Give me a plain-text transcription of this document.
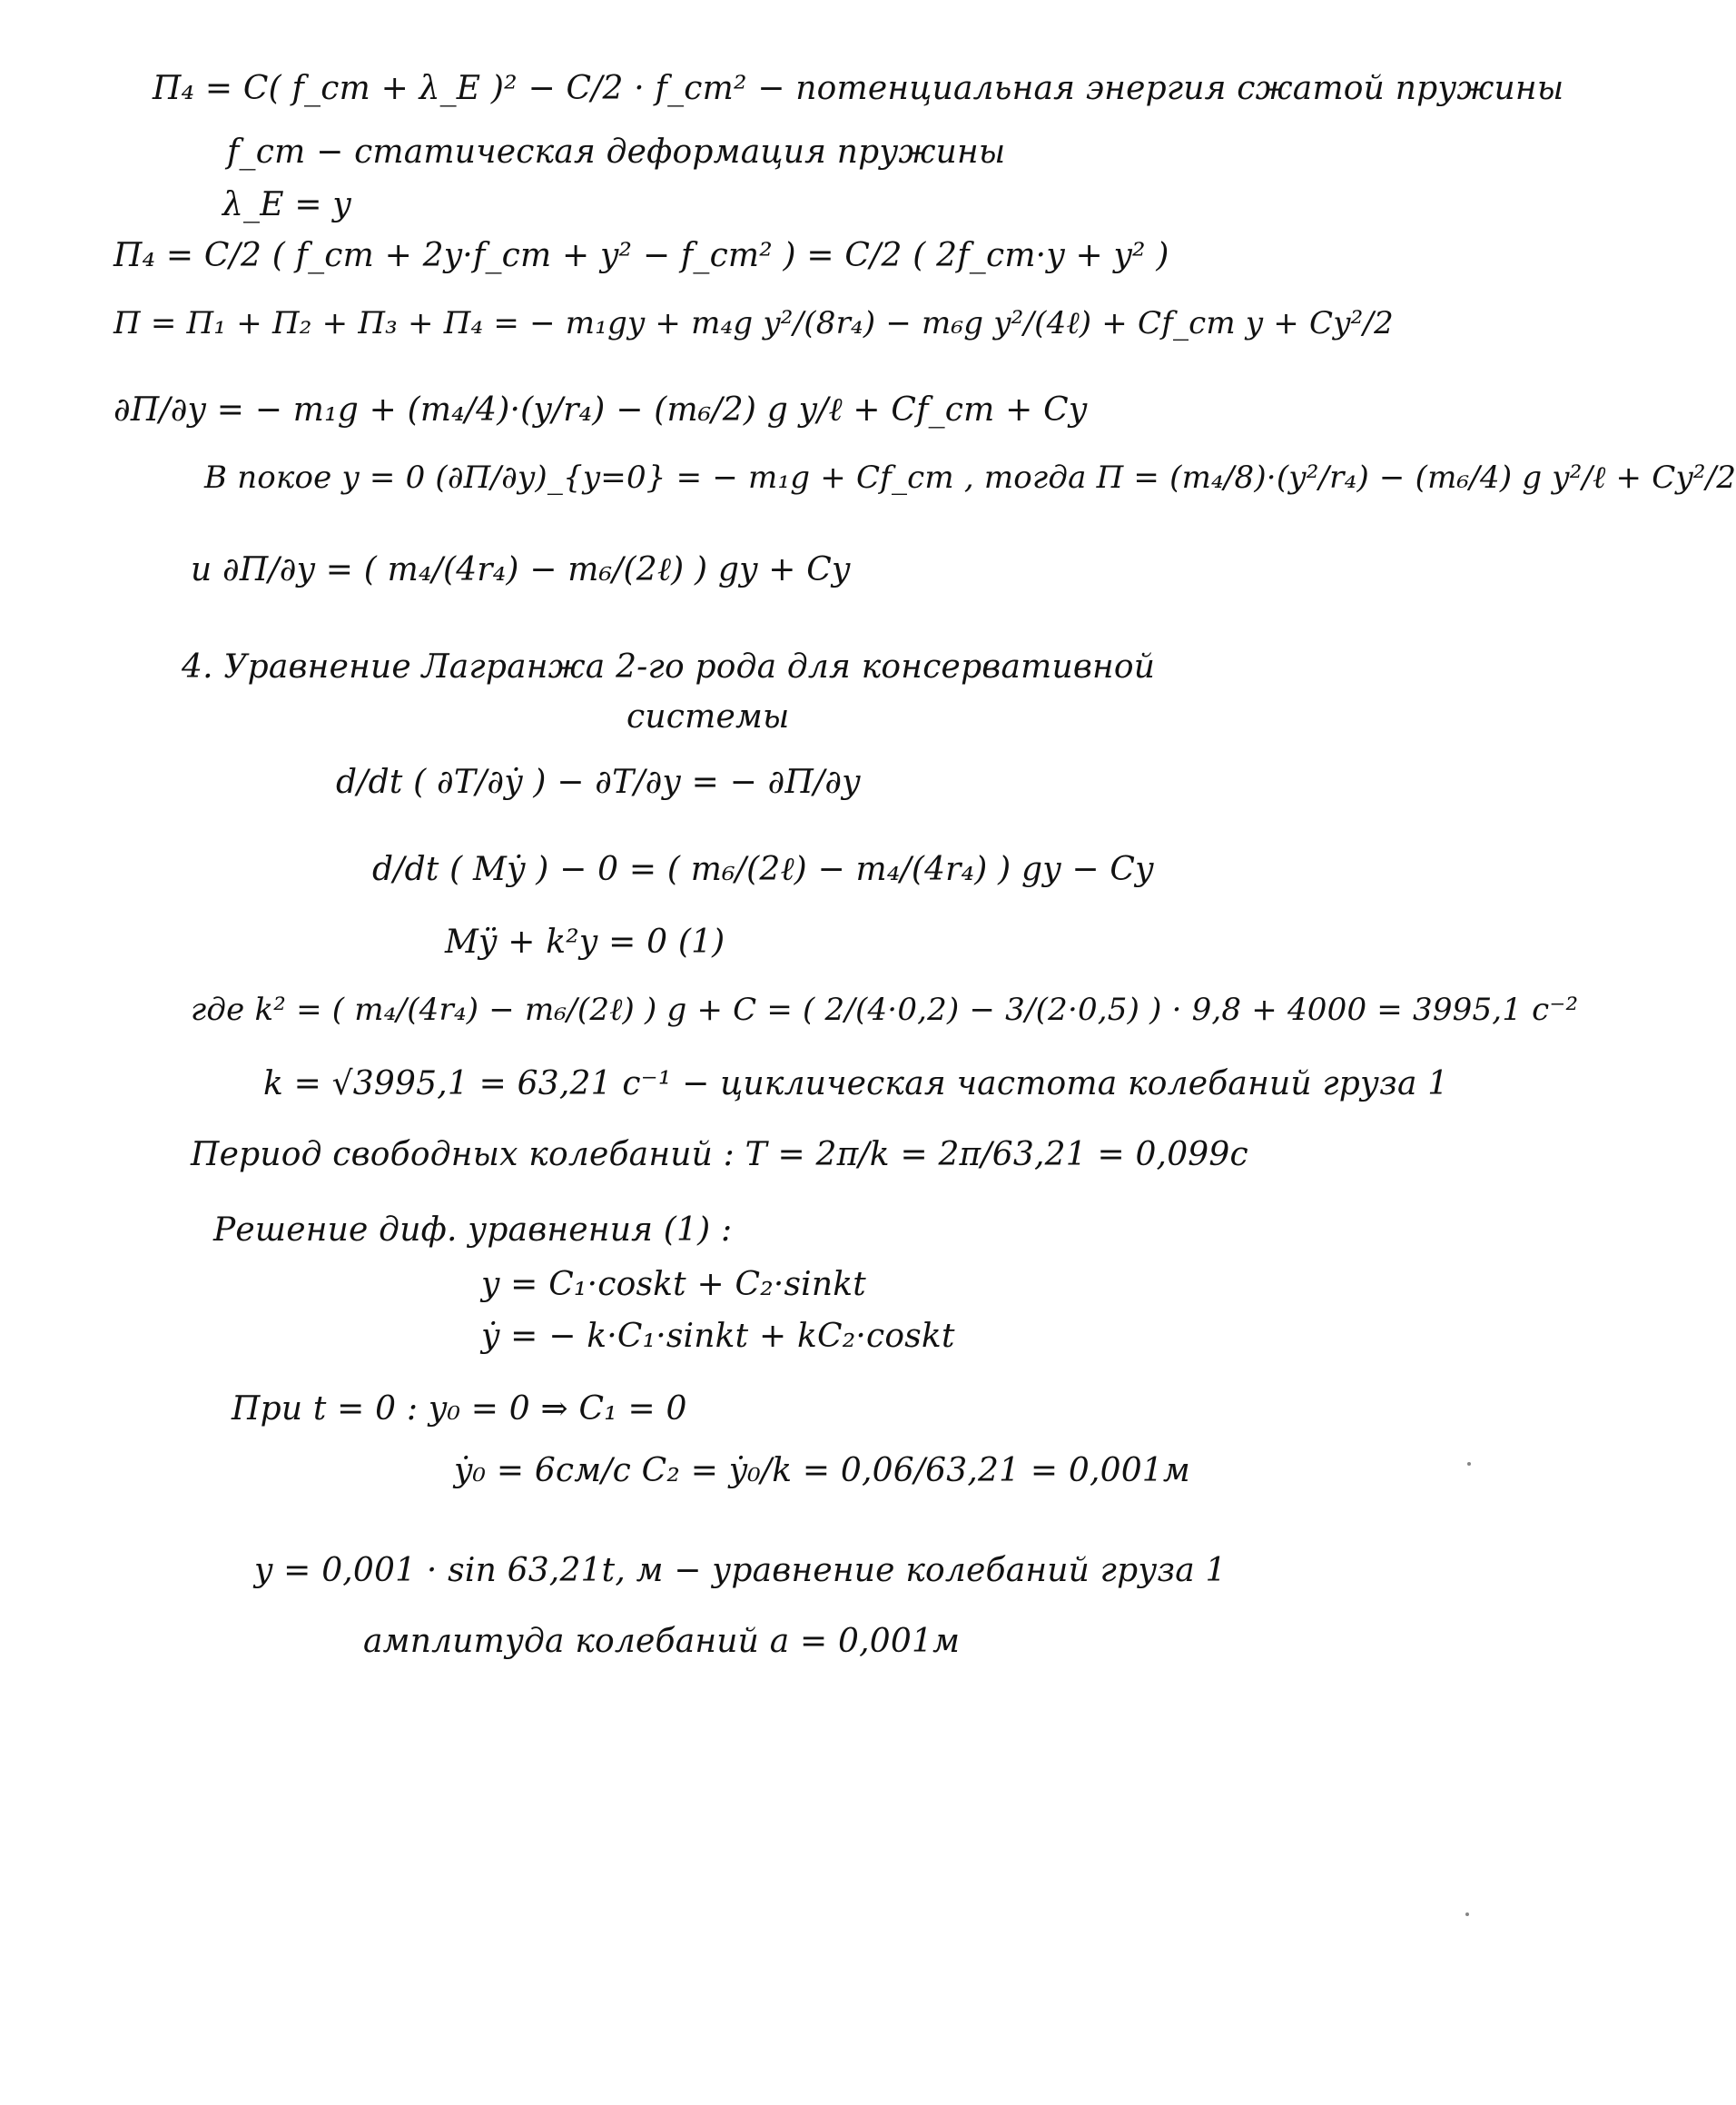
П₄ = C( f_ст + λ_E )² − C/2 · f_ст² − потенциальная энергия сжатой пружины
f_ст − статическая деформация пружины
λ_E = y
П₄ = C/2 ( f_ст + 2y·f_ст + y² − f_ст² ) = C/2 ( 2f_ст·y + y² )
П = П₁ + П₂ + П₃ + П₄ = − m₁gy + m₄g y²/(8r₄) − m₆g y²/(4ℓ) + Cf_ст y + Cy²/2
∂П/∂y = − m₁g + (m₄/4)·(y/r₄) − (m₆/2) g y/ℓ + Cf_ст + Cy
В покое y = 0 (∂П/∂y)_{y=0} = − m₁g + Cf_ст , тогда П = (m₄/8)·(y²/r₄) − (m₆/4) g y²/ℓ + Cy²/2
и ∂П/∂y = ( m₄/(4r₄) − m₆/(2ℓ) ) gy + Cy
4. Уравнение Лагранжа 2-го рода для консервативной
системы
d/dt ( ∂T/∂ẏ ) − ∂T/∂y = − ∂П/∂y
d/dt ( Mẏ ) − 0 = ( m₆/(2ℓ) − m₄/(4r₄) ) gy − Cy
Mÿ + k²y = 0 (1)
где k² = ( m₄/(4r₄) − m₆/(2ℓ) ) g + C = ( 2/(4·0,2) − 3/(2·0,5) ) · 9,8 + 4000 = 3995,1 c⁻²
k = √3995,1 = 63,21 c⁻¹ − циклическая частота колебаний груза 1
Период свободных колебаний : T = 2π/k = 2π/63,21 = 0,099c
Решение диф. уравнения (1) :
y = C₁·coskt + C₂·sinkt
ẏ = − k·C₁·sinkt + kC₂·coskt
При t = 0 : y₀ = 0 ⇒ C₁ = 0
ẏ₀ = 6см/с C₂ = ẏ₀/k = 0,06/63,21 = 0,001м
y = 0,001 · sin 63,21t, м − уравнение колебаний груза 1
амплитуда колебаний a = 0,001м
